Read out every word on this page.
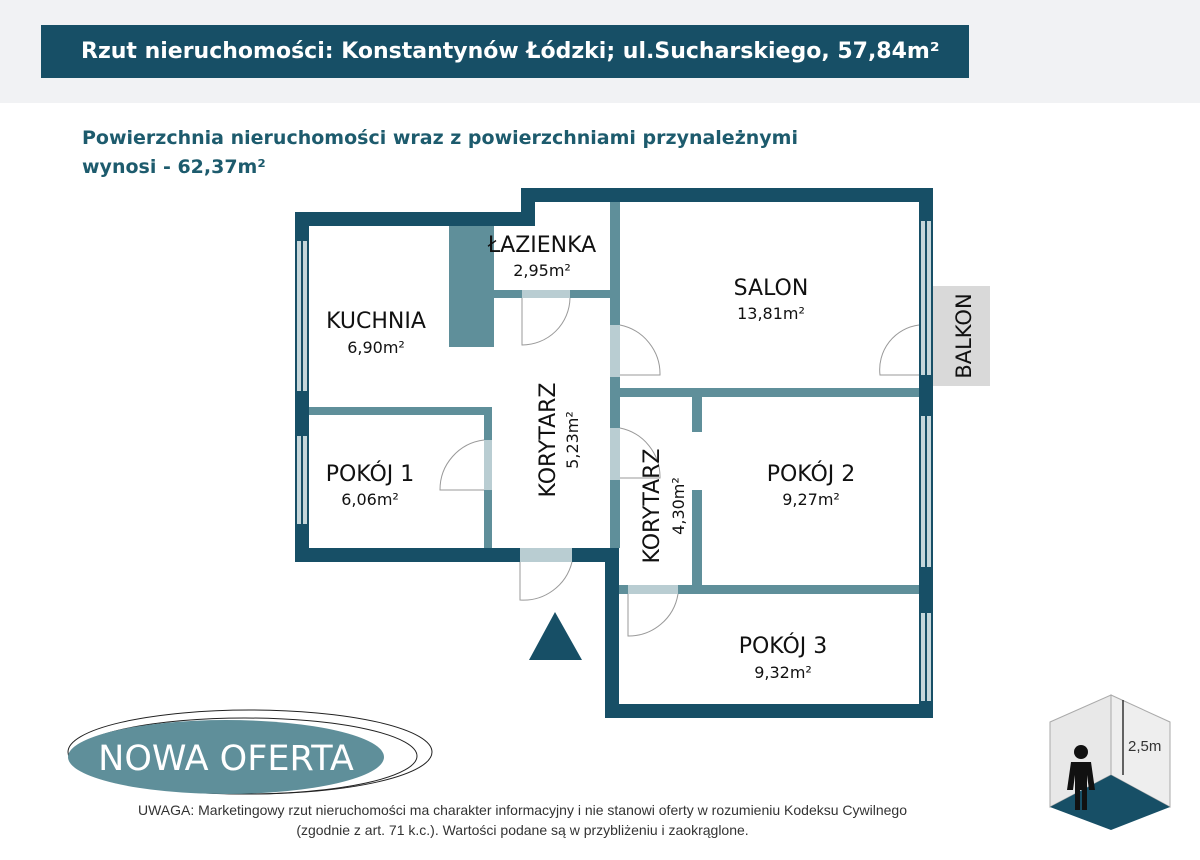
Rzut nieruchomości: Konstantynów Łódzki; ul.Sucharskiego, 57,84m²
Powierzchnia nieruchomości wraz z powierzchniami przynależnymi
wynosi - 62,37m²
BALKON
ŁAZIENKA
2,95m²
SALON
13,81m²
KUCHNIA
6,90m²
KORYTARZ 5,23m²
POKÓJ 1
6,06m²	KORYTARZ 4,30m²
POKÓJ 2
9,27m²
POKÓJ 3
9,32m²
NOWA OFERTA	2,5m
UWAGA: Marketingowy rzut nieruchomości ma charakter informacyjny i nie stanowi oferty w rozumieniu Kodeksu Cywilnego
(zgodnie z art. 71 k.c.). Wartości podane są w przybliżeniu i zaokrąglone.
